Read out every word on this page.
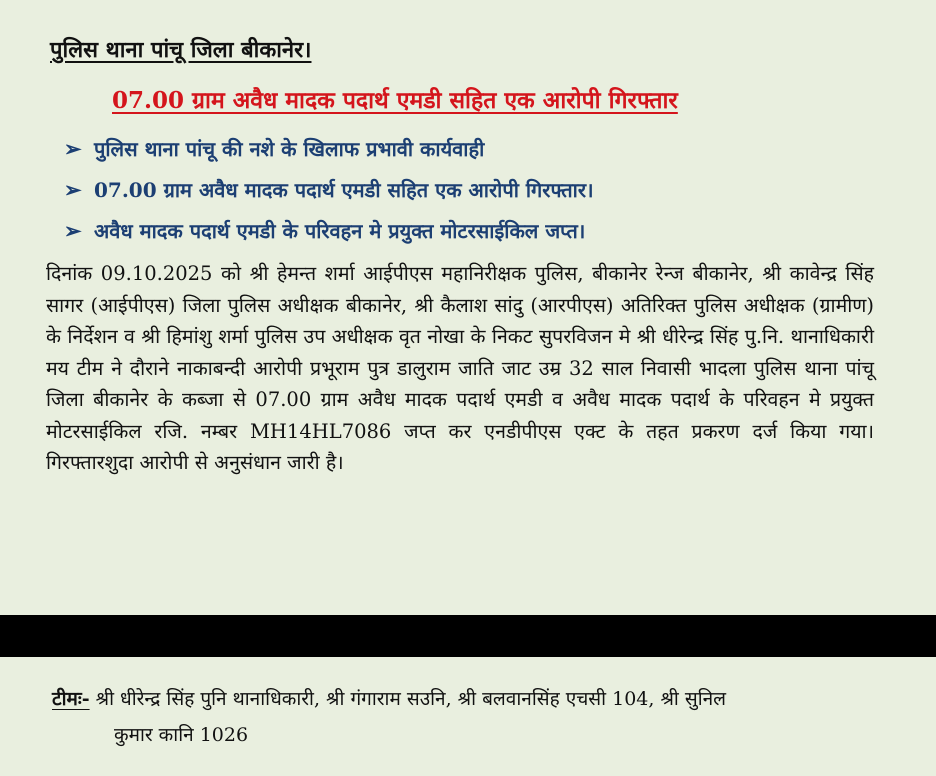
पुलिस थाना पांचू जिला बीकानेर।
07.00 ग्राम अवैध मादक पदार्थ एमडी सहित एक आरोपी गिरफ्तार
➢ पुलिस थाना पांचू की नशे के खिलाफ प्रभावी कार्यवाही
➢ 07.00 ग्राम अवैध मादक पदार्थ एमडी सहित एक आरोपी गिरफ्तार।
➢ अवैध मादक पदार्थ एमडी के परिवहन मे प्रयुक्त मोटरसाईकिल जप्त।

दिनांक 09.10.2025 को श्री हेमन्त शर्मा आईपीएस महानिरीक्षक पुलिस, बीकानेर रेन्ज बीकानेर, श्री कावेन्द्र सिंह सागर (आईपीएस) जिला पुलिस अधीक्षक बीकानेर, श्री कैलाश सांदु (आरपीएस) अतिरिक्त पुलिस अधीक्षक (ग्रामीण) के निर्देशन व श्री हिमांशु शर्मा पुलिस उप अधीक्षक वृत नोखा के निकट सुपरविजन मे श्री धीरेन्द्र सिंह पु.नि. थानाधिकारी मय टीम ने दौराने नाकाबन्दी आरोपी प्रभूराम पुत्र डालुराम जाति जाट उम्र 32 साल निवासी भादला पुलिस थाना पांचू जिला बीकानेर के कब्जा से 07.00 ग्राम अवैध मादक पदार्थ एमडी व अवैध मादक पदार्थ के परिवहन मे प्रयुक्त मोटरसाईकिल रजि. नम्बर MH14HL7086 जप्त कर एनडीपीएस एक्ट के तहत प्रकरण दर्ज किया गया। गिरफ्तारशुदा आरोपी से अनुसंधान जारी है।

टीमः- श्री धीरेन्द्र सिंह पुनि थानाधिकारी, श्री गंगाराम सउनि, श्री बलवानसिंह एचसी 104, श्री सुनिल
कुमार कानि 1026
